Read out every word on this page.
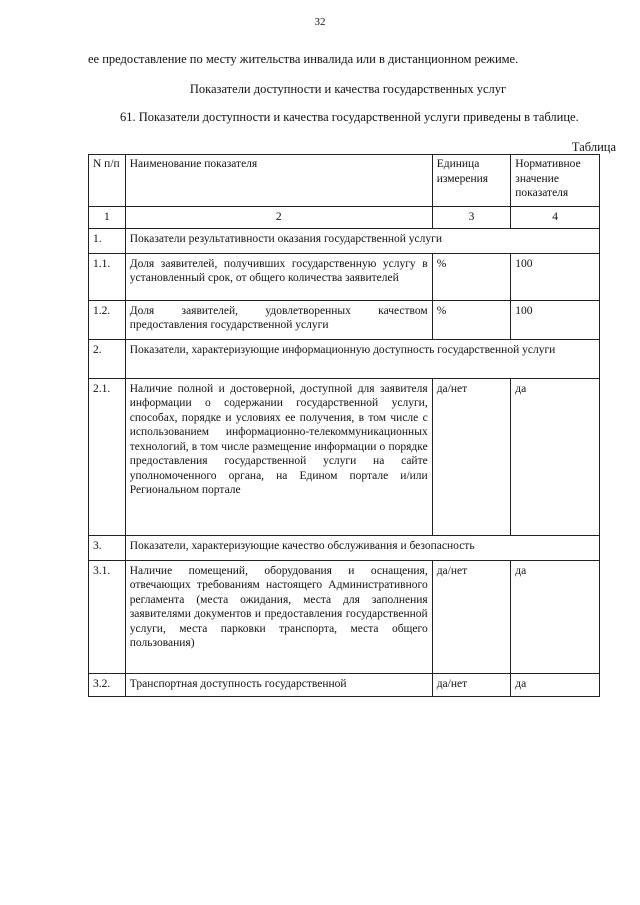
32
ее предоставление по месту жительства инвалида или в дистанционном режиме.
Показатели доступности и качества государственных услуг
61. Показатели доступности и качества государственной услуги приведены в таблице.
Таблица
N п/п	Наименование показателя	Единица измерения	Нормативное значение показателя
1	2	3	4
1.	Показатели результативности оказания государственной услуги		
1.1.	Доля заявителей, получивших государственную услугу в установленный срок, от общего количества заявителей	%	100
1.2.	Доля заявителей, удовлетворенных качеством предоставления государственной услуги	%	100
2.	Показатели, характеризующие информационную доступность государственной услуги		
2.1.	Наличие полной и достоверной, доступной для заявителя информации о содержании государственной услуги, способах, порядке и условиях ее получения, в том числе с использованием информационно-телекоммуникационных технологий, в том числе размещение информации о порядке предоставления государственной услуги на сайте уполномоченного органа, на Едином портале и/или Региональном портале	да/нет	да
3.	Показатели, характеризующие качество обслуживания и безопасность		
3.1.	Наличие помещений, оборудования и оснащения, отвечающих требованиям настоящего Административного регламента (места ожидания, места для заполнения заявителями документов и предоставления государственной услуги, места парковки транспорта, места общего пользования)	да/нет	да
3.2.	Транспортная доступность государственной	да/нет	да
